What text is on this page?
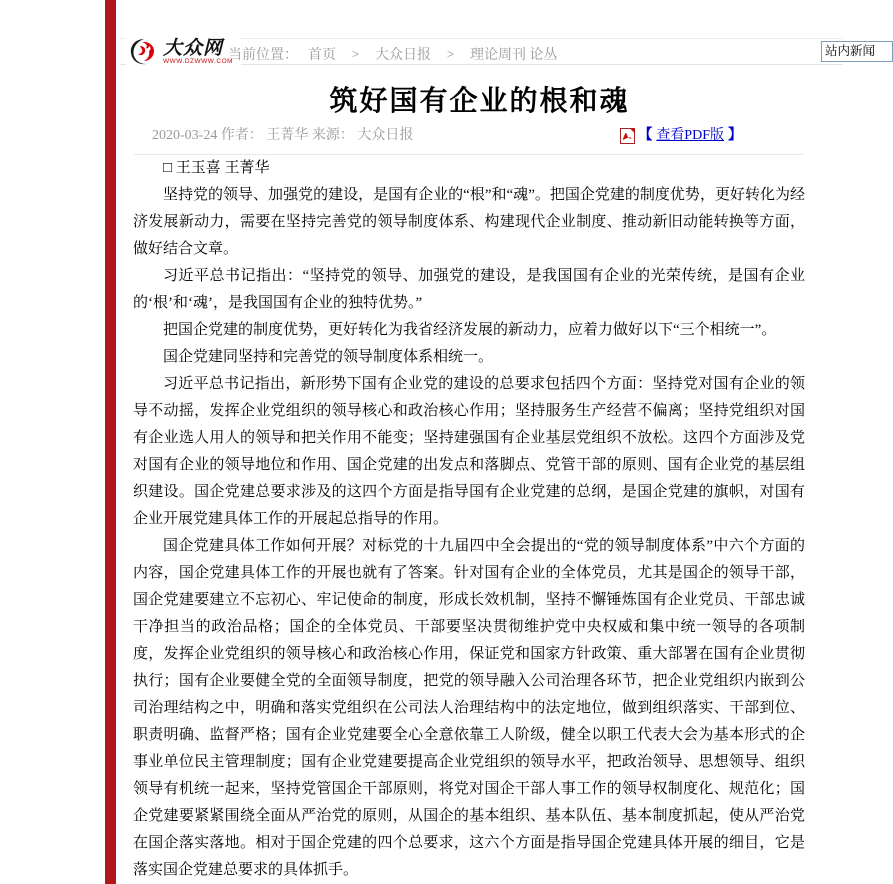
大众网
WWW.DZWWW.COM
当前位置： 首页 > 大众日报 > 理论周刊 论丛	站内新闻
筑好国有企业的根和魂
2020-03-24 作者： 王菁华 来源： 大众日报	【 查看PDF版 】

□ 王玉喜 王菁华

坚持党的领导、加强党的建设，是国有企业的“根”和“魂”。把国企党建的制度优势，更好转化为经济发展新动力，需要在坚持完善党的领导制度体系、构建现代企业制度、推动新旧动能转换等方面，做好结合文章。

习近平总书记指出：“坚持党的领导、加强党的建设，是我国国有企业的光荣传统，是国有企业的‘根’和‘魂’，是我国国有企业的独特优势。”

把国企党建的制度优势，更好转化为我省经济发展的新动力，应着力做好以下“三个相统一”。

国企党建同坚持和完善党的领导制度体系相统一。

习近平总书记指出，新形势下国有企业党的建设的总要求包括四个方面：坚持党对国有企业的领导不动摇，发挥企业党组织的领导核心和政治核心作用；坚持服务生产经营不偏离；坚持党组织对国有企业选人用人的领导和把关作用不能变；坚持建强国有企业基层党组织不放松。这四个方面涉及党对国有企业的领导地位和作用、国企党建的出发点和落脚点、党管干部的原则、国有企业党的基层组织建设。国企党建总要求涉及的这四个方面是指导国有企业党建的总纲，是国企党建的旗帜，对国有企业开展党建具体工作的开展起总指导的作用。

国企党建具体工作如何开展？对标党的十九届四中全会提出的“党的领导制度体系”中六个方面的内容，国企党建具体工作的开展也就有了答案。针对国有企业的全体党员，尤其是国企的领导干部，国企党建要建立不忘初心、牢记使命的制度，形成长效机制，坚持不懈锤炼国有企业党员、干部忠诚干净担当的政治品格；国企的全体党员、干部要坚决贯彻维护党中央权威和集中统一领导的各项制度，发挥企业党组织的领导核心和政治核心作用，保证党和国家方针政策、重大部署在国有企业贯彻执行；国有企业要健全党的全面领导制度，把党的领导融入公司治理各环节，把企业党组织内嵌到公司治理结构之中，明确和落实党组织在公司法人治理结构中的法定地位，做到组织落实、干部到位、职责明确、监督严格；国有企业党建要全心全意依靠工人阶级，健全以职工代表大会为基本形式的企事业单位民主管理制度；国有企业党建要提高企业党组织的领导水平，把政治领导、思想领导、组织领导有机统一起来，坚持党管国企干部原则，将党对国企干部人事工作的领导权制度化、规范化；国企党建要紧紧围绕全面从严治党的原则，从国企的基本组织、基本队伍、基本制度抓起，使从严治党在国企落实落地。相对于国企党建的四个总要求，这六个方面是指导国企党建具体开展的细目，它是落实国企党建总要求的具体抓手。
